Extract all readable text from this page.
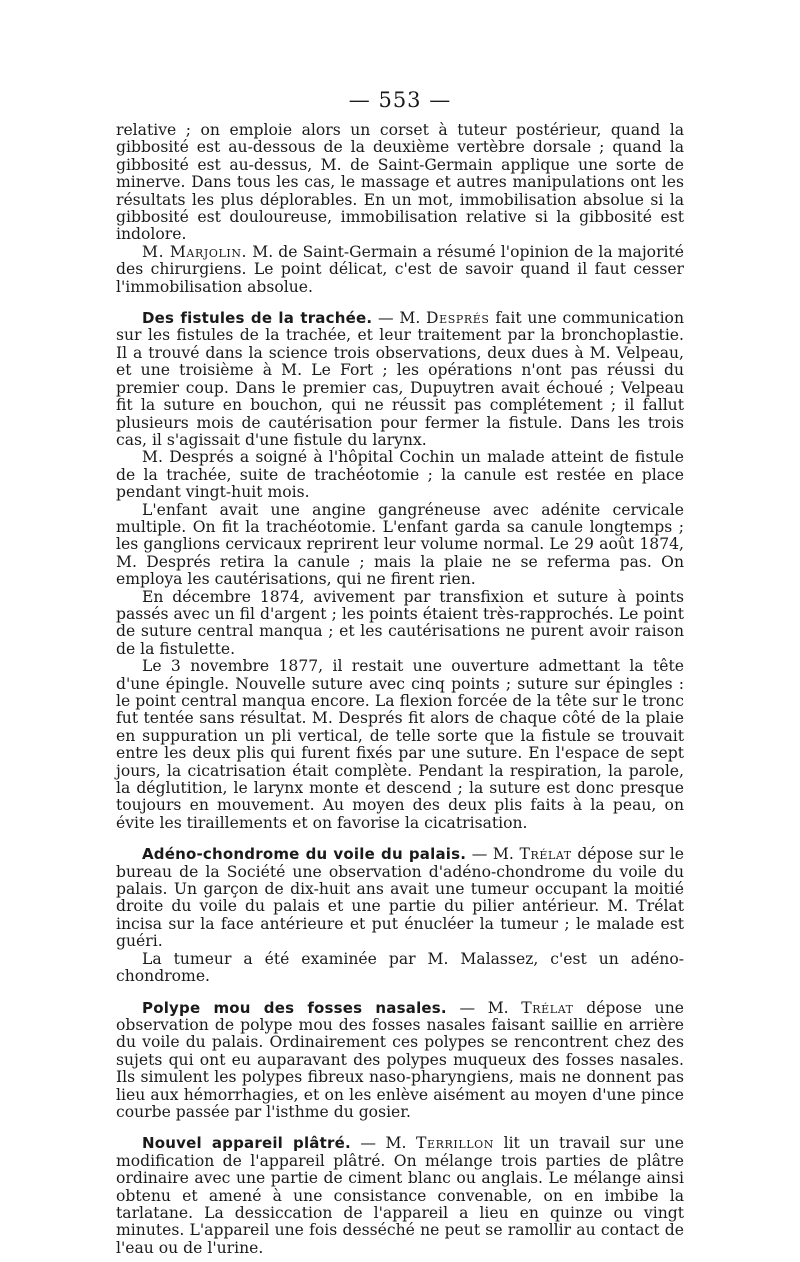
— 553 —

relative ; on emploie alors un corset à tuteur postérieur, quand la gibbosité est au-dessous de la deuxième vertèbre dorsale ; quand la gibbosité est au-dessus, M. de Saint-Germain applique une sorte de minerve. Dans tous les cas, le massage et autres manipulations ont les résultats les plus déplorables. En un mot, immobilisation absolue si la gibbosité est douloureuse, immobilisation relative si la gibbosité est indolore.

M. Marjolin. M. de Saint-Germain a résumé l'opinion de la majorité des chirurgiens. Le point délicat, c'est de savoir quand il faut cesser l'immobilisation absolue.

Des fistules de la trachée. — M. Després fait une communication sur les fistules de la trachée, et leur traitement par la bronchoplastie. Il a trouvé dans la science trois observations, deux dues à M. Velpeau, et une troisième à M. Le Fort ; les opérations n'ont pas réussi du premier coup. Dans le premier cas, Dupuytren avait échoué ; Velpeau fit la suture en bouchon, qui ne réussit pas complétement ; il fallut plusieurs mois de cautérisation pour fermer la fistule. Dans les trois cas, il s'agissait d'une fistule du larynx.

M. Després a soigné à l'hôpital Cochin un malade atteint de fistule de la trachée, suite de trachéotomie ; la canule est restée en place pendant vingt-huit mois.

L'enfant avait une angine gangréneuse avec adénite cervicale multiple. On fit la trachéotomie. L'enfant garda sa canule longtemps ; les ganglions cervicaux reprirent leur volume normal. Le 29 août 1874, M. Després retira la canule ; mais la plaie ne se referma pas. On employa les cautérisations, qui ne firent rien.

En décembre 1874, avivement par transfixion et suture à points passés avec un fil d'argent ; les points étaient très-rapprochés. Le point de suture central manqua ; et les cautérisations ne purent avoir raison de la fistulette.

Le 3 novembre 1877, il restait une ouverture admettant la tête d'une épingle. Nouvelle suture avec cinq points ; suture sur épingles : le point central manqua encore. La flexion forcée de la tête sur le tronc fut tentée sans résultat. M. Després fit alors de chaque côté de la plaie en suppuration un pli vertical, de telle sorte que la fistule se trouvait entre les deux plis qui furent fixés par une suture. En l'espace de sept jours, la cicatrisation était complète. Pendant la respiration, la parole, la déglutition, le larynx monte et descend ; la suture est donc presque toujours en mouvement. Au moyen des deux plis faits à la peau, on évite les tiraillements et on favorise la cicatrisation.

Adéno-chondrome du voile du palais. — M. Trélat dépose sur le bureau de la Société une observation d'adéno-chondrome du voile du palais. Un garçon de dix-huit ans avait une tumeur occupant la moitié droite du voile du palais et une partie du pilier antérieur. M. Trélat incisa sur la face antérieure et put énucléer la tumeur ; le malade est guéri.

La tumeur a été examinée par M. Malassez, c'est un adéno-chondrome.

Polype mou des fosses nasales. — M. Trélat dépose une observation de polype mou des fosses nasales faisant saillie en arrière du voile du palais. Ordinairement ces polypes se rencontrent chez des sujets qui ont eu auparavant des polypes muqueux des fosses nasales. Ils simulent les polypes fibreux naso-pharyngiens, mais ne donnent pas lieu aux hémorrhagies, et on les enlève aisément au moyen d'une pince courbe passée par l'isthme du gosier.

Nouvel appareil plâtré. — M. Terrillon lit un travail sur une modification de l'appareil plâtré. On mélange trois parties de plâtre ordinaire avec une partie de ciment blanc ou anglais. Le mélange ainsi obtenu et amené à une consistance convenable, on en imbibe la tarlatane. La dessiccation de l'appareil a lieu en quinze ou vingt minutes. L'appareil une fois desséché ne peut se ramollir au contact de l'eau ou de l'urine.
